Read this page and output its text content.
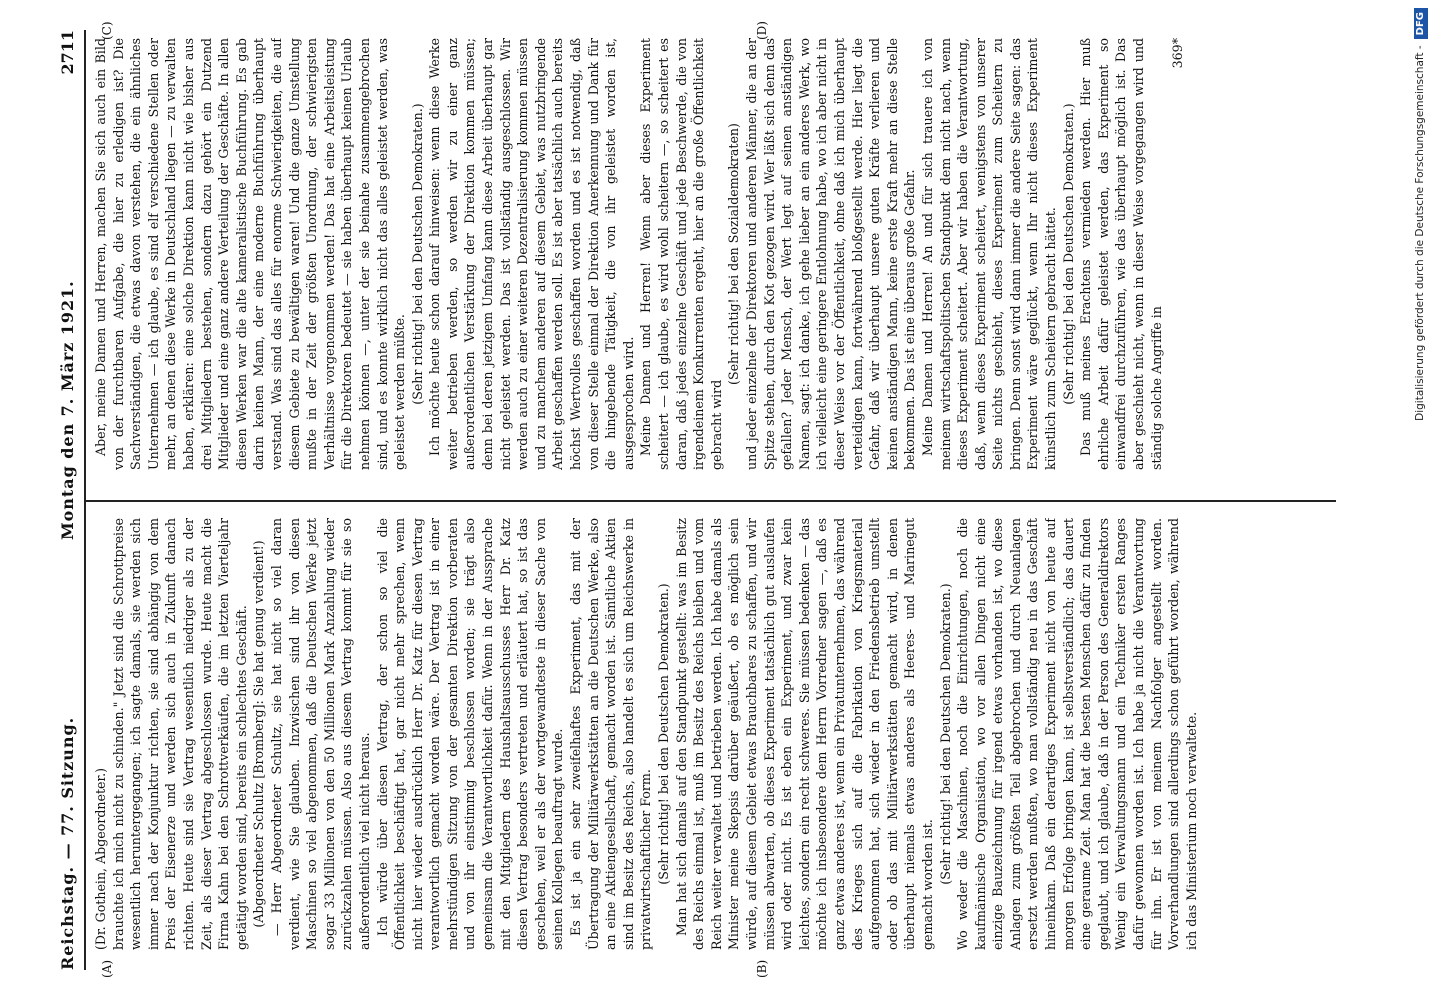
Reichstag. — 77. Sitzung.
Montag den 7. März 1921.
2711
(A)	(B)
(C)	(D)

(Dr. Gothein, Abgeordneter.) brauchte ich mich nicht zu schinden." Jetzt sind die Schrottpreise wesentlich heruntergegangen; ich sagte damals, sie werden sich immer nach der Konjunktur richten, sie sind abhängig von dem Preis der Eisenerze und werden sich auch in Zukunft danach richten. Heute sind sie Vertrag wesentlich niedriger als zu der Zeit, als dieser Vertrag abgeschlossen wurde. Heute macht die Firma Kahn bei den Schrottverkäufen, die im letzten Vierteljahr getätigt worden sind, bereits ein schlechtes Geschäft. (Abgeordneter Schultz [Bromberg]: Sie hat genug verdient!) — Herr Abgeordneter Schultz, sie hat nicht so viel daran verdient, wie Sie glauben. Inzwischen sind ihr von diesen Maschinen so viel abgenommen, daß die Deutschen Werke jetzt sogar 33 Millionen von den 50 Millionen Mark Anzahlung wieder zurückzahlen müssen. Also aus diesem Vertrag kommt für sie so außerordentlich viel nicht heraus. Ich würde über diesen Vertrag, der schon so viel die Öffentlichkeit beschäftigt hat, gar nicht mehr sprechen, wenn nicht hier wieder ausdrücklich Herr Dr. Katz für diesen Vertrag verantwortlich gemacht worden wäre. Der Vertrag ist in einer mehrstündigen Sitzung von der gesamten Direktion vorberaten und von ihr einstimmig beschlossen worden; sie trägt also gemeinsam die Verantwortlichkeit dafür. Wenn in der Aussprache mit den Mitgliedern des Haushaltsausschusses Herr Dr. Katz diesen Vertrag besonders vertreten und erläutert hat, so ist das geschehen, weil er als der wortgewandteste in dieser Sache von seinen Kollegen beauftragt wurde. Es ist ja ein sehr zweifelhaftes Experiment, das mit der Übertragung der Militärwerkstätten an die Deutschen Werke, also an eine Aktiengesellschaft, gemacht worden ist. Sämtliche Aktien sind im Besitz des Reichs, also handelt es sich um Reichswerke in privatwirtschaftlicher Form. (Sehr richtig! bei den Deutschen Demokraten.) Man hat sich damals auf den Standpunkt gestellt: was im Besitz des Reichs einmal ist, muß im Besitz des Reichs bleiben und vom Reich weiter verwaltet und betrieben werden. Ich habe damals als Minister meine Skepsis darüber geäußert, ob es möglich sein würde, auf diesem Gebiet etwas Brauchbares zu schaffen, und wir müssen abwarten, ob dieses Experiment tatsächlich gut auslaufen wird oder nicht. Es ist eben ein Experiment, und zwar kein leichtes, sondern ein recht schweres. Sie müssen bedenken — das möchte ich insbesondere dem Herrn Vorredner sagen —, daß es ganz etwas anderes ist, wenn ein Privatunternehmen, das während des Krieges sich auf die Fabrikation von Kriegsmaterial aufgenommen hat, sich wieder in den Friedensbetrieb umstellt oder ob das mit Militärwerkstätten gemacht wird, in denen überhaupt niemals etwas anderes als Heeres- und Marinegut gemacht worden ist. (Sehr richtig! bei den Deutschen Demokraten.) Wo weder die Maschinen, noch die Einrichtungen, noch die kaufmännische Organisation, wo vor allen Dingen nicht eine einzige Bauzeichnung für irgend etwas vorhanden ist, wo diese Anlagen zum größten Teil abgebrochen und durch Neuanlagen ersetzt werden mußten, wo man vollständig neu in das Geschäft hineinkam. Daß ein derartiges Experiment nicht von heute auf morgen Erfolge bringen kann, ist selbstverständlich; das dauert eine geraume Zeit. Man hat die besten Menschen dafür zu finden geglaubt, und ich glaube, daß in der Person des Generaldirektors Wenig ein Verwaltungsmann und ein Techniker ersten Ranges dafür gewonnen worden ist. Ich habe ja nicht die Verantwortung für ihn. Er ist von meinem Nachfolger angestellt worden. Vorverhandlungen sind allerdings schon geführt worden, während ich das Ministerium noch verwaltete.

Aber, meine Damen und Herren, machen Sie sich auch ein Bild von der furchtbaren Aufgabe, die hier zu erledigen ist? Die Sachverständigen, die etwas davon verstehen, die ein ähnliches Unternehmen — ich glaube, es sind elf verschiedene Stellen oder mehr, an denen diese Werke in Deutschland liegen — zu verwalten haben, erklären: eine solche Direktion kann nicht wie bisher aus drei Mitgliedern bestehen, sondern dazu gehört ein Dutzend Mitglieder und eine ganz andere Verteilung der Geschäfte. In allen diesen Werken war die alte kameralistische Buchführung. Es gab darin keinen Mann, der eine moderne Buchführung überhaupt verstand. Was sind das alles für enorme Schwierigkeiten, die auf diesem Gebiete zu bewältigen waren! Und die ganze Umstellung mußte in der Zeit der größten Unordnung, der schwierigsten Verhältnisse vorgenommen werden! Das hat eine Arbeitsleistung für die Direktoren bedeutet — sie haben überhaupt keinen Urlaub nehmen können —, unter der sie beinahe zusammengebrochen sind, und es konnte wirklich nicht das alles geleistet werden, was geleistet werden müßte. (Sehr richtig! bei den Deutschen Demokraten.) Ich möchte heute schon darauf hinweisen: wenn diese Werke weiter betrieben werden, so werden wir zu einer ganz außerordentlichen Verstärkung der Direktion kommen müssen; denn bei deren jetzigem Umfang kann diese Arbeit überhaupt gar nicht geleistet werden. Das ist vollständig ausgeschlossen. Wir werden auch zu einer weiteren Dezentralisierung kommen müssen und zu manchem anderen auf diesem Gebiet, was nutzbringende Arbeit geschaffen werden soll. Es ist aber tatsächlich auch bereits höchst Wertvolles geschaffen worden und es ist notwendig, daß von dieser Stelle einmal der Direktion Anerkennung und Dank für die hingebende Tätigkeit, die von ihr geleistet worden ist, ausgesprochen wird. Meine Damen und Herren! Wenn aber dieses Experiment scheitert — ich glaube, es wird wohl scheitern —, so scheitert es daran, daß jedes einzelne Geschäft und jede Beschwerde, die von irgendeinem Konkurrenten ergeht, hier an die große Öffentlichkeit gebracht wird

(Sehr richtig! bei den Sozialdemokraten) und jeder einzelne der Direktoren und anderen Männer, die an der Spitze stehen, durch den Kot gezogen wird. Wer läßt sich denn das gefallen? Jeder Mensch, der Wert legt auf seinen anständigen Namen, sagt: ich danke, ich gehe lieber an ein anderes Werk, wo ich vielleicht eine geringere Entlohnung habe, wo ich aber nicht in dieser Weise vor der Öffentlichkeit, ohne daß ich mich überhaupt verteidigen kann, fortwährend bloßgestellt werde. Hier liegt die Gefahr, daß wir überhaupt unsere guten Kräfte verlieren und keinen anständigen Mann, keine erste Kraft mehr an diese Stelle bekommen. Das ist eine überaus große Gefahr. Meine Damen und Herren! An und für sich trauere ich von meinem wirtschaftspolitischen Standpunkt dem nicht nach, wenn dieses Experiment scheitert. Aber wir haben die Verantwortung, daß, wenn dieses Experiment scheitert, wenigstens von unserer Seite nichts geschieht, dieses Experiment zum Scheitern zu bringen. Denn sonst wird dann immer die andere Seite sagen: das Experiment wäre geglückt, wenn Ihr nicht dieses Experiment künstlich zum Scheitern gebracht hättet. (Sehr richtig! bei den Deutschen Demokraten.) Das muß meines Erachtens vermieden werden. Hier muß ehrliche Arbeit dafür geleistet werden, das Experiment so einwandfrei durchzuführen, wie das überhaupt möglich ist. Das aber geschieht nicht, wenn in dieser Weise vorgegangen wird und ständig solche Angriffe in

369*	Digitalisierung gefördert durch die Deutsche Forschungsgemeinschaft -DFG
